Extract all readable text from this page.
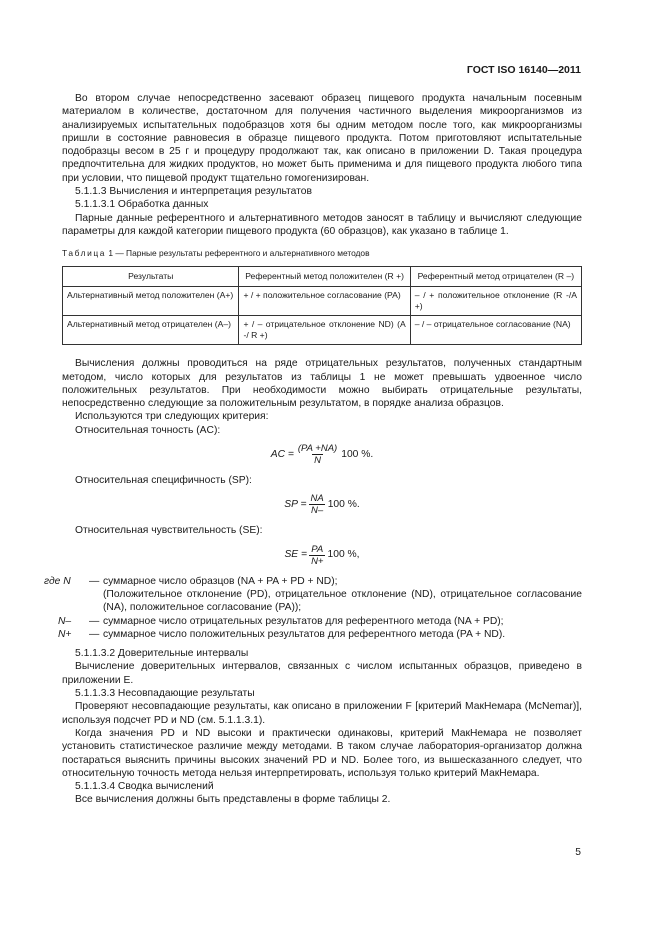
ГОСТ ISO 16140—2011

Во втором случае непосредственно засевают образец пищевого продукта начальным посевным материалом в количестве, достаточном для получения частичного выделения микроорганизмов из анализируемых испытательных подобразцов хотя бы одним методом после того, как микроорганизмы пришли в состояние равновесия в образце пищевого продукта. Потом приготовляют испытательные подобразцы весом в 25 г и процедуру продолжают так, как описано в приложении D. Такая процедура предпочтительна для жидких продуктов, но может быть применима и для пищевого продукта любого типа при условии, что пищевой продукт тщательно гомогенизирован.

5.1.1.3 Вычисления и интерпретация результатов

5.1.1.3.1 Обработка данных

Парные данные референтного и альтернативного методов заносят в таблицу и вычисляют следующие параметры для каждой категории пищевого продукта (60 образцов), как указано в таблице 1.

Таблица 1 — Парные результаты референтного и альтернативного методов
Результаты	Референтный метод положителен (R +)	Референтный метод отрицателен (R –)
Альтернативный метод положителен (A+)	+ / + положительное согласование (PA)	– / + положительное отклонение (R -/A +)
Альтернативный метод отрицателен (A–)	+ / – отрицательное отклонение ND) (A -/ R +)	– / – отрицательное согласование (NA)

Вычисления должны проводиться на ряде отрицательных результатов, полученных стандартным методом, число которых для результатов из таблицы 1 не может превышать удвоенное число положительных результатов. При необходимости можно выбирать отрицательные результаты, непосредственно следующие за положительным результатом, в порядке анализа образцов.

Используются три следующих критерия:

Относительная точность (AC):

AC = $\frac{(PA +NA)}{N} 100$ %.

Относительная специфичность (SP):

SP = $\frac{NA}{N-} 100$ %.

Относительная чувствительность (SE):

SE = $\frac{PA}{N+} 100$ %,
где N	— суммарное число образцов (NA + PA + PD + ND);
(Положительное отклонение (PD), отрицательное отклонение (ND), отрицательное согласование (NA), положительное согласование (PA));
N–	— суммарное число отрицательных результатов для референтного метода (NA + PD);
N+	— суммарное число положительных результатов для референтного метода (PA + ND).

5.1.1.3.2 Доверительные интервалы

Вычисление доверительных интервалов, связанных с числом испытанных образцов, приведено в приложении E.

5.1.1.3.3 Несовпадающие результаты

Проверяют несовпадающие результаты, как описано в приложении F [критерий МакНемара (McNemar)], используя подсчет PD и ND (см. 5.1.1.3.1).

Когда значения PD и ND высоки и практически одинаковы, критерий МакНемара не позволяет установить статистическое различие между методами. В таком случае лаборатория-организатор должна постараться выяснить причины высоких значений PD и ND. Более того, из вышесказанного следует, что относительную точность метода нельзя интерпретировать, используя только критерий МакНемара.

5.1.1.3.4 Сводка вычислений

Все вычисления должны быть представлены в форме таблицы 2.

5
